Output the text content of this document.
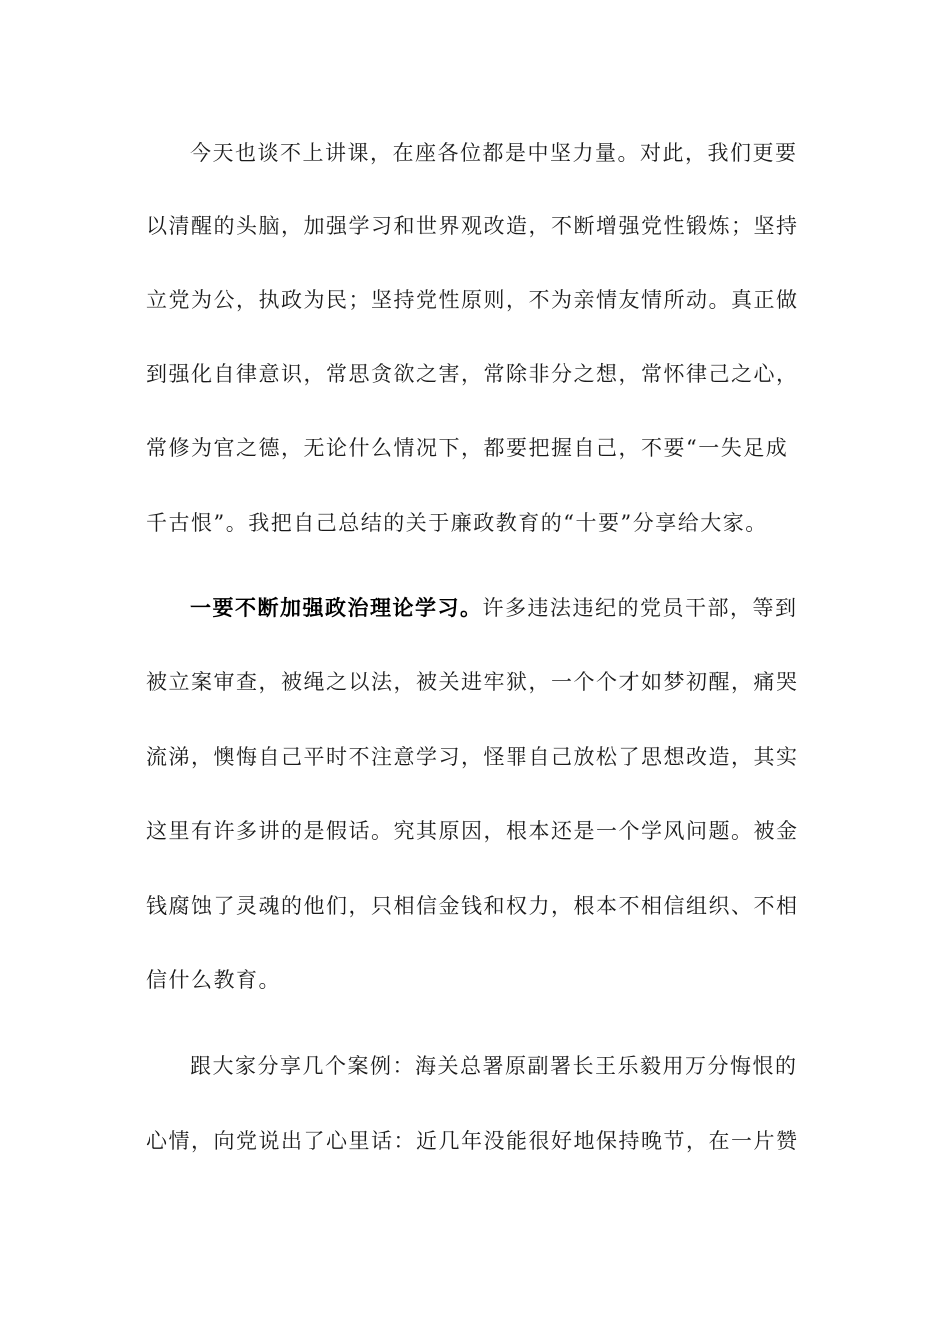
今天也谈不上讲课，在座各位都是中坚力量。对此，我们更要
以清醒的头脑，加强学习和世界观改造，不断增强党性锻炼；坚持
立党为公，执政为民；坚持党性原则，不为亲情友情所动。真正做
到强化自律意识，常思贪欲之害，常除非分之想，常怀律己之心，
常修为官之德，无论什么情况下，都要把握自己，不要“一失足成
千古恨”。我把自己总结的关于廉政教育的“十要”分享给大家。
一要不断加强政治理论学习。许多违法违纪的党员干部，等到
被立案审查，被绳之以法，被关进牢狱，一个个才如梦初醒，痛哭
流涕，懊悔自己平时不注意学习，怪罪自己放松了思想改造，其实
这里有许多讲的是假话。究其原因，根本还是一个学风问题。被金
钱腐蚀了灵魂的他们，只相信金钱和权力，根本不相信组织、不相
信什么教育。
跟大家分享几个案例：海关总署原副署长王乐毅用万分悔恨的
心情，向党说出了心里话：近几年没能很好地保持晚节，在一片赞
